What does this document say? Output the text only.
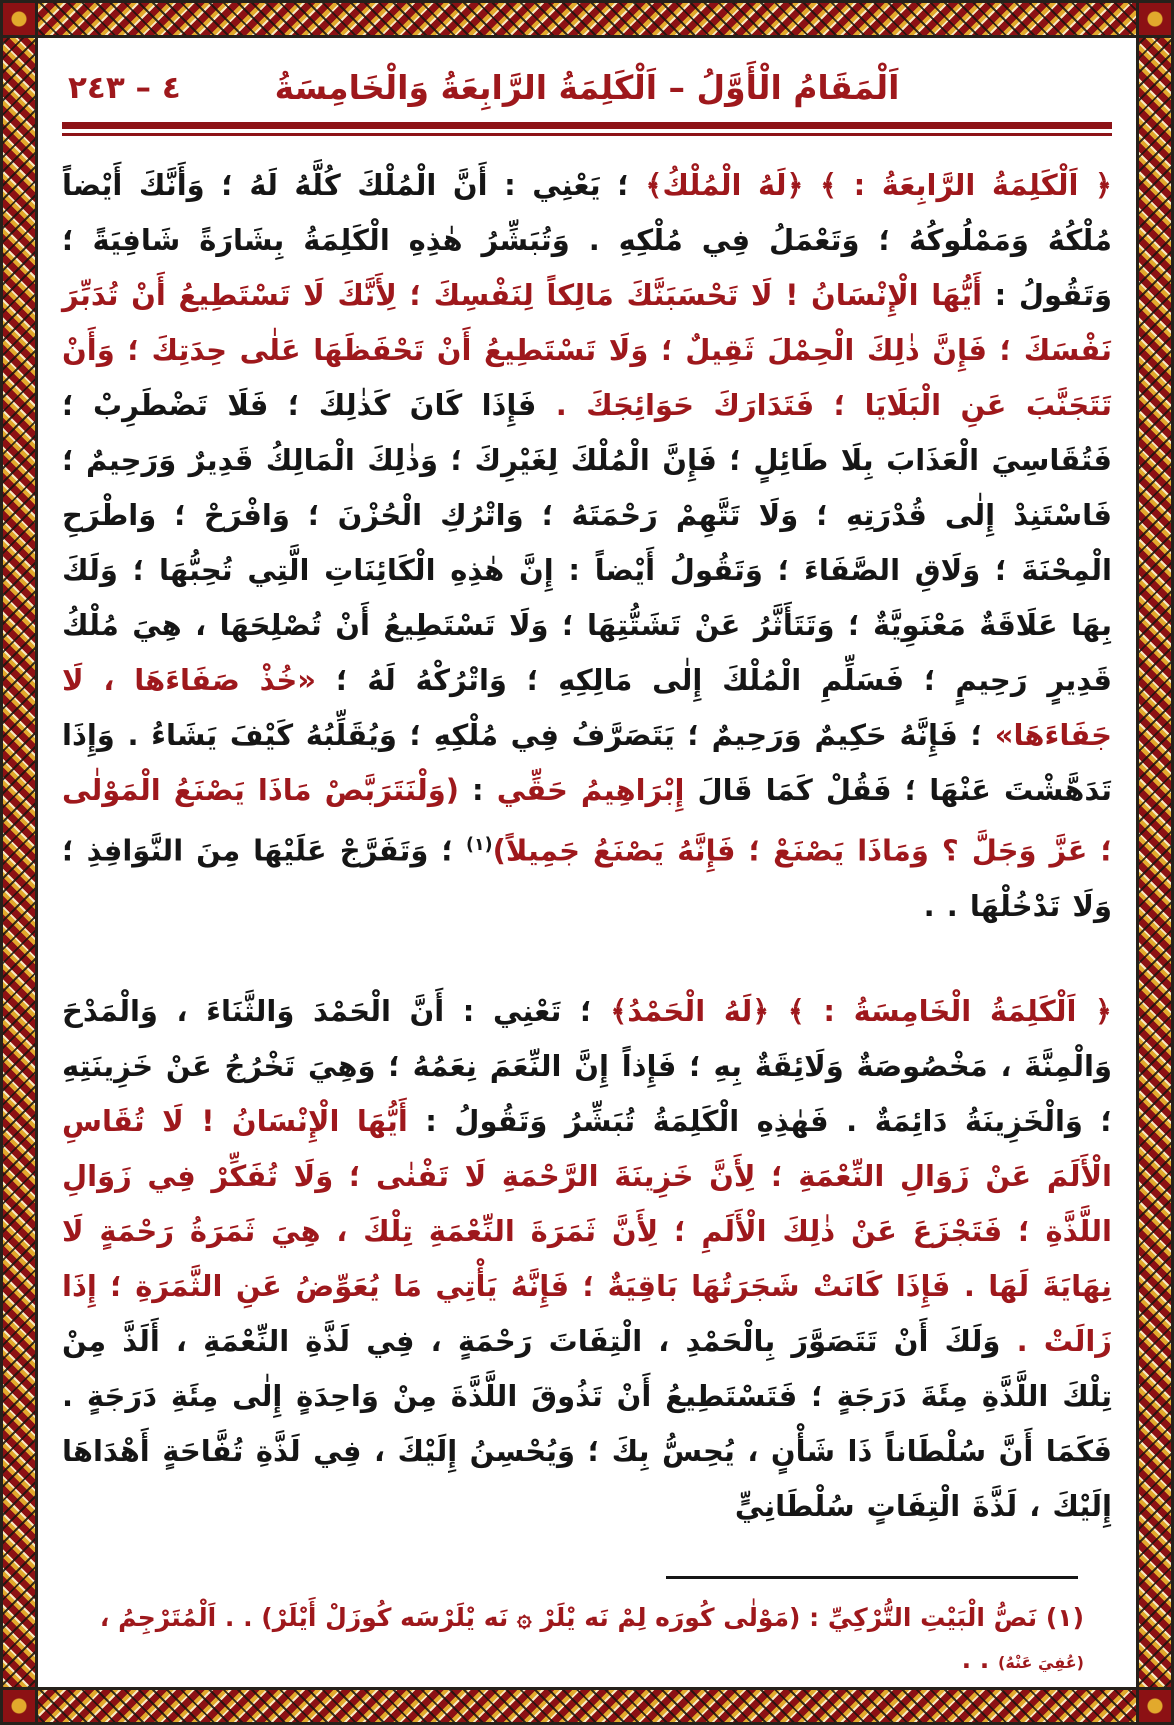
اَلْمَقَامُ الْأَوَّلُ – اَلْكَلِمَةُ الرَّابِعَةُ وَالْخَامِسَةُ
٤ – ٢٤٣

﴿ اَلْكَلِمَةُ الرَّابِعَةُ : ﴾ ﴿لَهُ الْمُلْكُ﴾ ؛ يَعْنِي : أَنَّ الْمُلْكَ كُلَّهُ لَهُ ؛ وَأَنَّكَ أَيْضاً مُلْكُهُ وَمَمْلُوكُهُ ؛ وَتَعْمَلُ فِي مُلْكِهِ . وَتُبَشِّرُ هٰذِهِ الْكَلِمَةُ بِشَارَةً شَافِيَةً ؛ وَتَقُولُ : أَيُّهَا الْإِنْسَانُ ! لَا تَحْسَبَنَّكَ مَالِكاً لِنَفْسِكَ ؛ لِأَنَّكَ لَا تَسْتَطِيعُ أَنْ تُدَبِّرَ نَفْسَكَ ؛ فَإِنَّ ذٰلِكَ الْحِمْلَ ثَقِيلٌ ؛ وَلَا تَسْتَطِيعُ أَنْ تَحْفَظَهَا عَلٰى حِدَتِكَ ؛ وَأَنْ تَتَجَنَّبَ عَنِ الْبَلَايَا ؛ فَتَدَارَكَ حَوَائِجَكَ . فَإِذَا كَانَ كَذٰلِكَ ؛ فَلَا تَضْطَرِبْ ؛ فَتُقَاسِيَ الْعَذَابَ بِلَا طَائِلٍ ؛ فَإِنَّ الْمُلْكَ لِغَيْرِكَ ؛ وَذٰلِكَ الْمَالِكُ قَدِيرٌ وَرَحِيمٌ ؛ فَاسْتَنِدْ إِلٰى قُدْرَتِهِ ؛ وَلَا تَتَّهِمْ رَحْمَتَهُ ؛ وَاتْرُكِ الْحُزْنَ ؛ وَافْرَحْ ؛ وَاطْرَحِ الْمِحْنَةَ ؛ وَلَاقِ الصَّفَاءَ ؛ وَتَقُولُ أَيْضاً : إِنَّ هٰذِهِ الْكَائِنَاتِ الَّتِي تُحِبُّهَا ؛ وَلَكَ بِهَا عَلَاقَةٌ مَعْنَوِيَّةٌ ؛ وَتَتَأَثَّرُ عَنْ تَشَتُّتِهَا ؛ وَلَا تَسْتَطِيعُ أَنْ تُصْلِحَهَا ، هِيَ مُلْكُ قَدِيرٍ رَحِيمٍ ؛ فَسَلِّمِ الْمُلْكَ إِلٰى مَالِكِهِ ؛ وَاتْرُكْهُ لَهُ ؛ «خُذْ صَفَاءَهَا ، لَا جَفَاءَهَا» ؛ فَإِنَّهُ حَكِيمٌ وَرَحِيمٌ ؛ يَتَصَرَّفُ فِي مُلْكِهِ ؛ وَيُقَلِّبُهُ كَيْفَ يَشَاءُ . وَإِذَا تَدَهَّشْتَ عَنْهَا ؛ فَقُلْ كَمَا قَالَ إِبْرَاهِيمُ حَقِّي : (وَلْنَتَرَبَّصْ مَاذَا يَصْنَعُ الْمَوْلٰى ؛ عَزَّ وَجَلَّ ؟ وَمَاذَا يَصْنَعْ ؛ فَإِنَّهُ يَصْنَعُ جَمِيلاً)$^{(١)}$ ؛ وَتَفَرَّجْ عَلَيْهَا مِنَ النَّوَافِذِ ؛ وَلَا تَدْخُلْهَا . .

﴿ اَلْكَلِمَةُ الْخَامِسَةُ : ﴾ ﴿لَهُ الْحَمْدُ﴾ ؛ تَعْنِي : أَنَّ الْحَمْدَ وَالثَّنَاءَ ، وَالْمَدْحَ وَالْمِنَّةَ ، مَخْصُوصَةٌ وَلَائِقَةٌ بِهِ ؛ فَإِذاً إِنَّ النِّعَمَ نِعَمُهُ ؛ وَهِيَ تَخْرُجُ عَنْ خَزِينَتِهِ ؛ وَالْخَزِينَةُ دَائِمَةٌ . فَهٰذِهِ الْكَلِمَةُ تُبَشِّرُ وَتَقُولُ : أَيُّهَا الْإِنْسَانُ ! لَا تُقَاسِ الْأَلَمَ عَنْ زَوَالِ النِّعْمَةِ ؛ لِأَنَّ خَزِينَةَ الرَّحْمَةِ لَا تَفْنٰى ؛ وَلَا تُفَكِّرْ فِي زَوَالِ اللَّذَّةِ ؛ فَتَجْزَعَ عَنْ ذٰلِكَ الْأَلَمِ ؛ لِأَنَّ ثَمَرَةَ النِّعْمَةِ تِلْكَ ، هِيَ ثَمَرَةُ رَحْمَةٍ لَا نِهَايَةَ لَهَا . فَإِذَا كَانَتْ شَجَرَتُهَا بَاقِيَةٌ ؛ فَإِنَّهُ يَأْتِي مَا يُعَوِّضُ عَنِ الثَّمَرَةِ ؛ إِذَا زَالَتْ . وَلَكَ أَنْ تَتَصَوَّرَ بِالْحَمْدِ ، الْتِفَاتَ رَحْمَةٍ ، فِي لَذَّةِ النِّعْمَةِ ، أَلَذَّ مِنْ تِلْكَ اللَّذَّةِ مِئَةَ دَرَجَةٍ ؛ فَتَسْتَطِيعُ أَنْ تَذُوقَ اللَّذَّةَ مِنْ وَاحِدَةٍ إِلٰى مِئَةِ دَرَجَةٍ . فَكَمَا أَنَّ سُلْطَاناً ذَا شَأْنٍ ، يُحِسُّ بِكَ ؛ وَيُحْسِنُ إِلَيْكَ ، فِي لَذَّةِ تُفَّاحَةٍ أَهْدَاهَا إِلَيْكَ ، لَذَّةَ الْتِفَاتٍ سُلْطَانِيٍّ

(١) نَصُّ الْبَيْتِ التُّرْكِيِّ : (مَوْلٰى كُورَه لِمْ نَه يْلَرْ ۞ نَه يْلَرْسَه كُوزَلْ أَيْلَرْ) . . اَلْمُتَرْجِمُ ، (عُفِيَ عَنْهُ) . .
